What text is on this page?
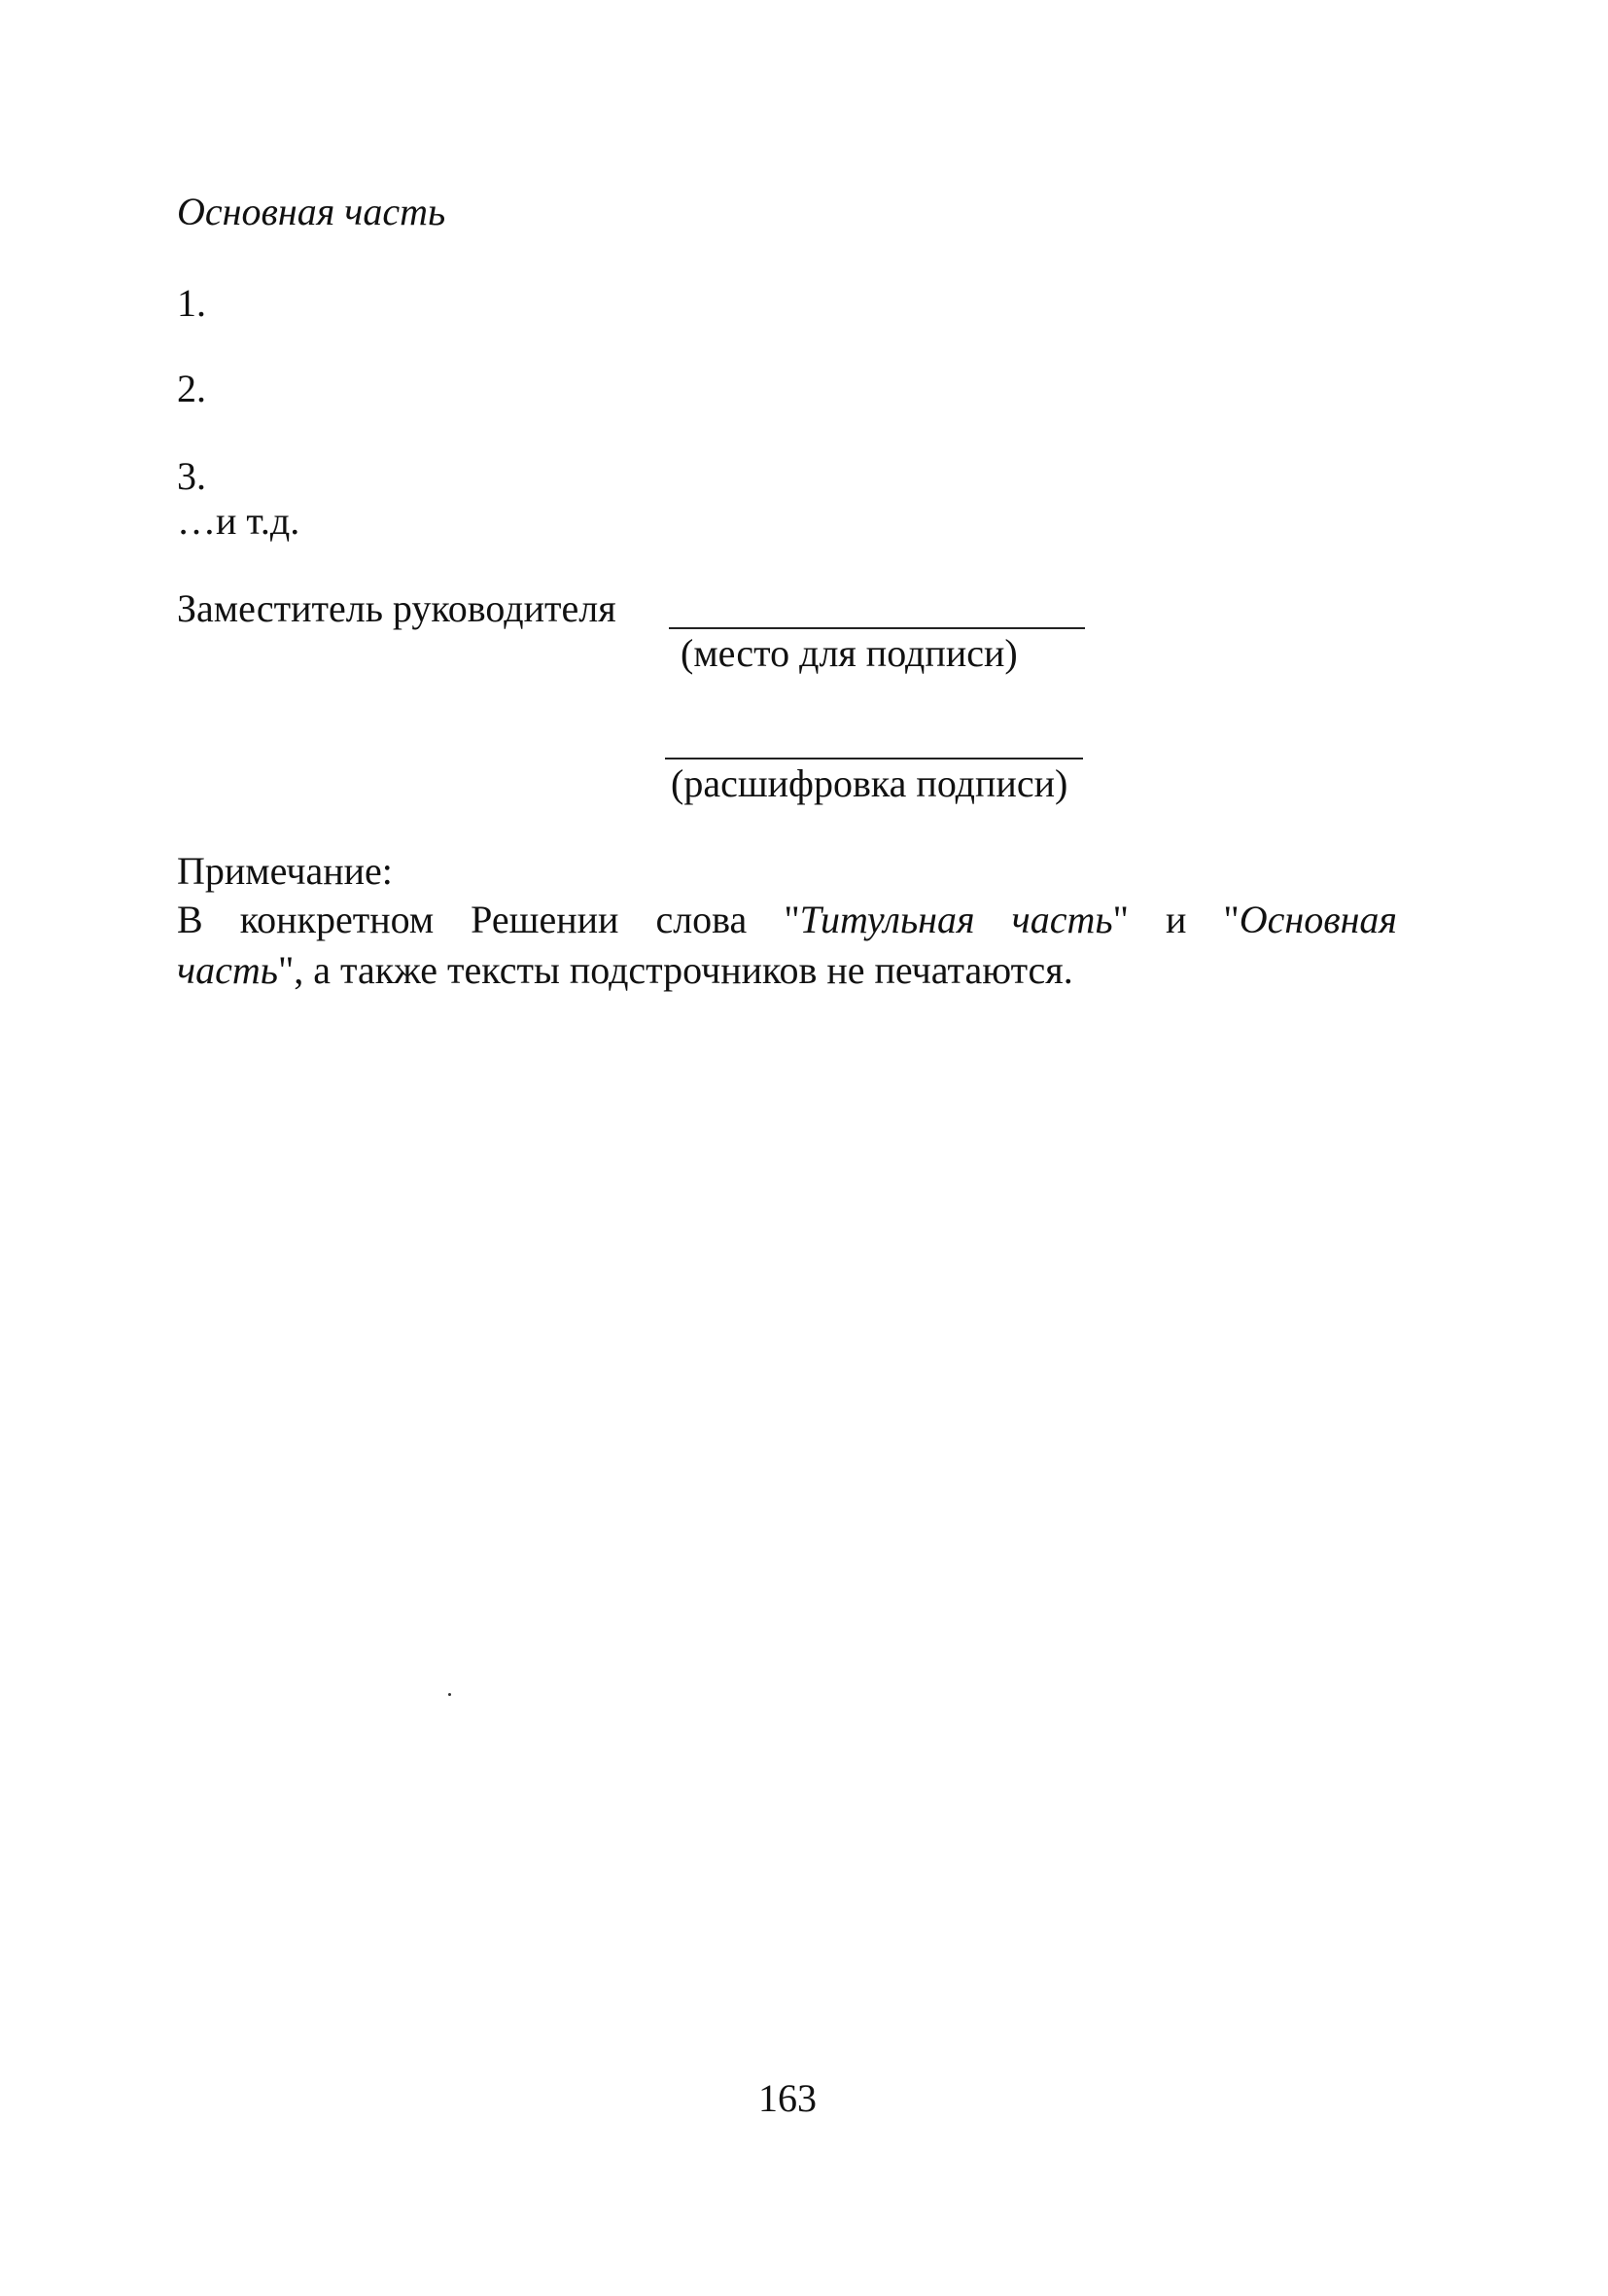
Основная часть
1.
2.
3.
…и т.д.
Заместитель руководителя
(место для подписи)
(расшифровка подписи)
Примечание:
В конкретном Решении слова "Титульная часть" и "Основная
часть", а также тексты подстрочников не печатаются.
163
